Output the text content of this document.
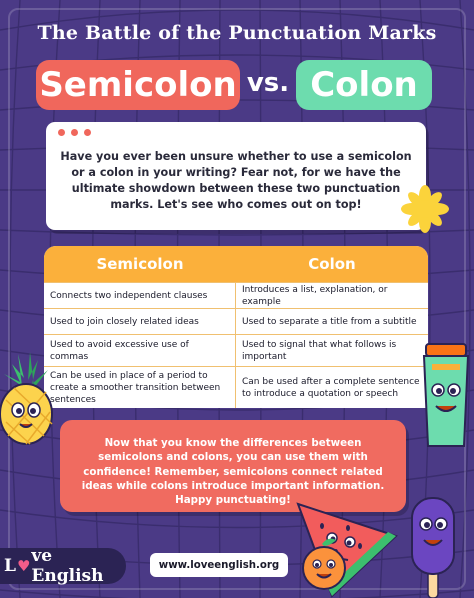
The Battle of the Punctuation Marks
Semicolon vs. Colon
Have you ever been unsure whether to use a semicolon or a colon in your writing? Fear not, for we have the ultimate showdown between these two punctuation marks. Let's see who comes out on top!
Semicolon	Colon
Connects two independent clauses
Introduces a list, explanation, or example
Used to join closely related ideas	Used to separate a title from a subtitle
Used to avoid excessive use of commas
Used to signal that what follows is important
Can be used in place of a period to create a smoother transition between sentences
Can be used after a complete sentence to introduce a quotation or speech
Now that you know the differences between semicolons and colons, you can use them with confidence! Remember, semicolons connect related ideas while colons introduce important information. Happy punctuating!
L ♥ ve English
www.loveenglish.org
